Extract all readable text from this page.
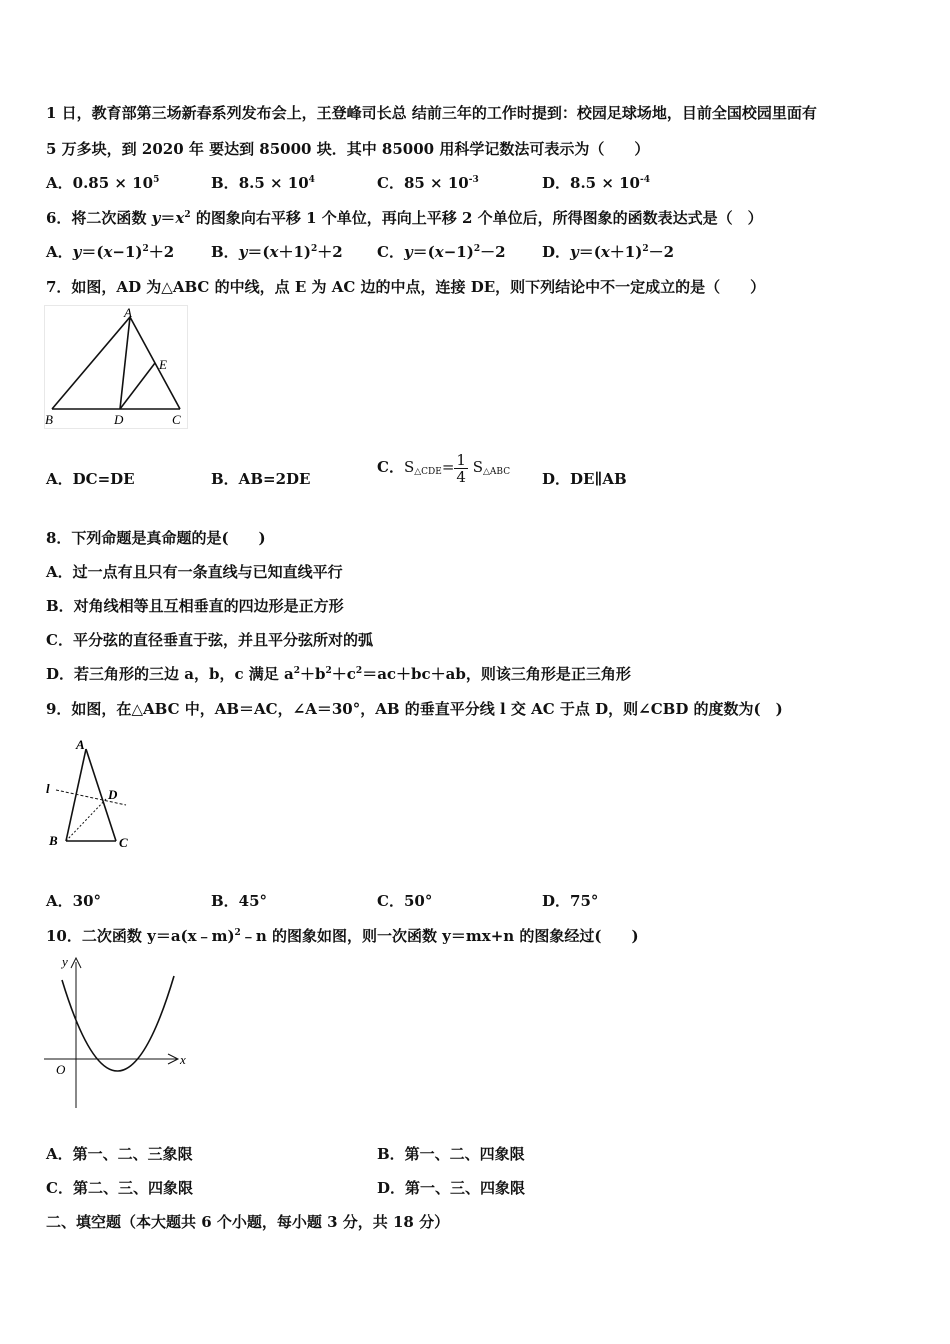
1 日，教育部第三场新春系列发布会上，王登峰司长总 结前三年的工作时提到：校园足球场地，目前全国校园里面有
5 万多块，到 2020 年 要达到 85000 块．其中 85000 用科学记数法可表示为（　　）
A．$0.85 \times 10^5$	B．$8.5 \times 10^4$	C．$85 \times 10^{-3}$	D．$8.5 \times 10^{-4}$
6．将二次函数 $y=x^2$ 的图象向右平移 1 个单位，再向上平移 2 个单位后，所得图象的函数表达式是（　）
A．$y=(x-1)^2+2$ B．$y=(x+1)^2+2$ C．$y=(x-1)^2-2$ D．$y=(x+1)^2-2$
7．如图，AD 为△ABC 的中线，点 E 为 AC 边的中点，连接 DE，则下列结论中不一定成立的是（　　）
A
E
B	D	C
A．DC=DE	B．AB=2DE
C．$S_{\triangle CDE}= \frac{1}{4} S_{\triangle ABC}$ D．DE∥AB
8．下列命题是真命题的是(　　)
A．过一点有且只有一条直线与已知直线平行
B．对角线相等且互相垂直的四边形是正方形
C．平分弦的直径垂直于弦，并且平分弦所对的弧
D．若三角形的三边 a，b，c 满足 $a^2+b^2+c^2=ac+bc+ab$，则该三角形是正三角形
9．如图，在△ABC 中，AB＝AC，∠A＝30°，AB 的垂直平分线 l 交 AC 于点 D，则∠CBD 的度数为(　)
A
l	D
B	C
A．30°	B．45°	C．50°	D．75°
10．二次函数 y＝a(x﹣m)$^2$﹣n 的图象如图，则一次函数 y＝mx+n 的图象经过(　　)
y
x
O
A．第一、二、三象限	B．第一、二、四象限
C．第二、三、四象限	D．第一、三、四象限
二、填空题（本大题共 6 个小题，每小题 3 分，共 18 分）
